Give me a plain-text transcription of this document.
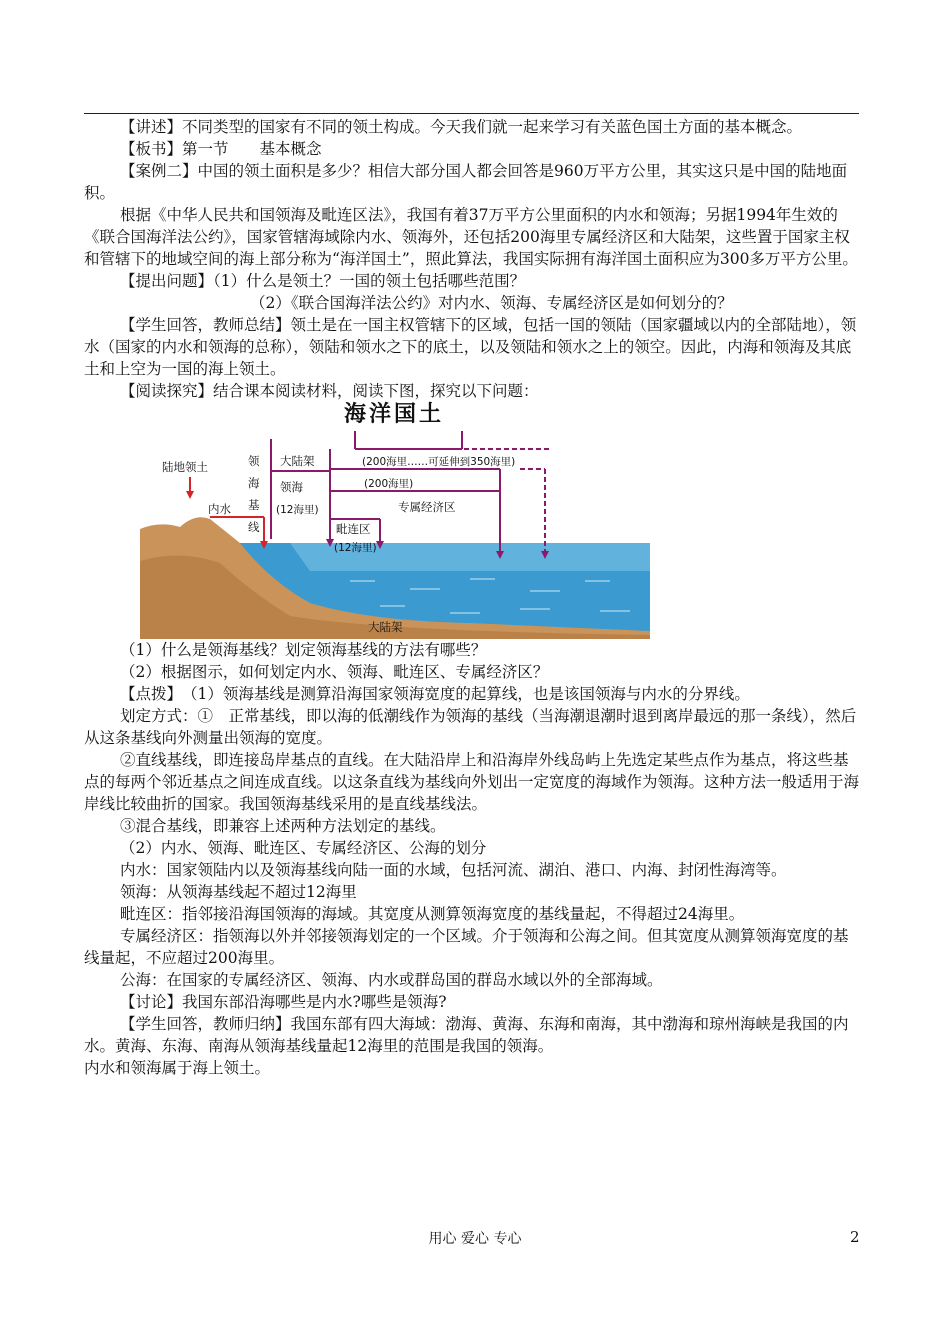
【讲述】不同类型的国家有不同的领土构成。今天我们就一起来学习有关蓝色国土方面的基本概念。

【板书】第一节　　基本概念

【案例二】中国的领土面积是多少？相信大部分国人都会回答是960万平方公里，其实这只是中国的陆地面积。

根据《中华人民共和国领海及毗连区法》，我国有着37万平方公里面积的内水和领海；另据1994年生效的《联合国海洋法公约》，国家管辖海域除内水、领海外，还包括200海里专属经济区和大陆架，这些置于国家主权和管辖下的地域空间的海上部分称为“海洋国土”，照此算法，我国实际拥有海洋国土面积应为300多万平方公里。

【提出问题】（1）什么是领土？一国的领土包括哪些范围？

（2）《联合国海洋法公约》对内水、领海、专属经济区是如何划分的？

【学生回答，教师总结】领土是在一国主权管辖下的区域，包括一国的领陆（国家疆域以内的全部陆地），领水（国家的内水和领海的总称），领陆和领水之下的底土，以及领陆和领水之上的领空。因此，内海和领海及其底土和上空为一国的海上领土。

【阅读探究】结合课本阅读材料，阅读下图，探究以下问题：

海洋国土
领
海
基
线
陆地领土
内水
大陆架	(200海里……可延伸到350海里)
(200海里)
领海
(12海里)	专属经济区
毗连区
(12海里)
大陆架

（1）什么是领海基线？划定领海基线的方法有哪些？

（2）根据图示，如何划定内水、领海、毗连区、专属经济区？

【点拨】　（1）领海基线是测算沿海国家领海宽度的起算线，也是该国领海与内水的分界线。

划定方式：①　正常基线，即以海的低潮线作为领海的基线（当海潮退潮时退到离岸最远的那一条线），然后从这条基线向外测量出领海的宽度。

②直线基线，即连接岛岸基点的直线。在大陆沿岸上和沿海岸外线岛屿上先选定某些点作为基点，将这些基点的每两个邻近基点之间连成直线。以这条直线为基线向外划出一定宽度的海域作为领海。这种方法一般适用于海岸线比较曲折的国家。我国领海基线采用的是直线基线法。

③混合基线，即兼容上述两种方法划定的基线。

（2）内水、领海、毗连区、专属经济区、公海的划分

内水：国家领陆内以及领海基线向陆一面的水域，包括河流、湖泊、港口、内海、封闭性海湾等。

领海：从领海基线起不超过12海里

毗连区：指邻接沿海国领海的海域。其宽度从测算领海宽度的基线量起，不得超过24海里。

专属经济区：指领海以外并邻接领海划定的一个区域。介于领海和公海之间。但其宽度从测算领海宽度的基线量起，不应超过200海里。

公海：在国家的专属经济区、领海、内水或群岛国的群岛水域以外的全部海域。

【讨论】我国东部沿海哪些是内水?哪些是领海?

【学生回答，教师归纳】我国东部有四大海域：渤海、黄海、东海和南海，其中渤海和琼州海峡是我国的内水。黄海、东海、南海从领海基线量起12海里的范围是我国的领海。

内水和领海属于海上领土。

用心 爱心 专心	2
